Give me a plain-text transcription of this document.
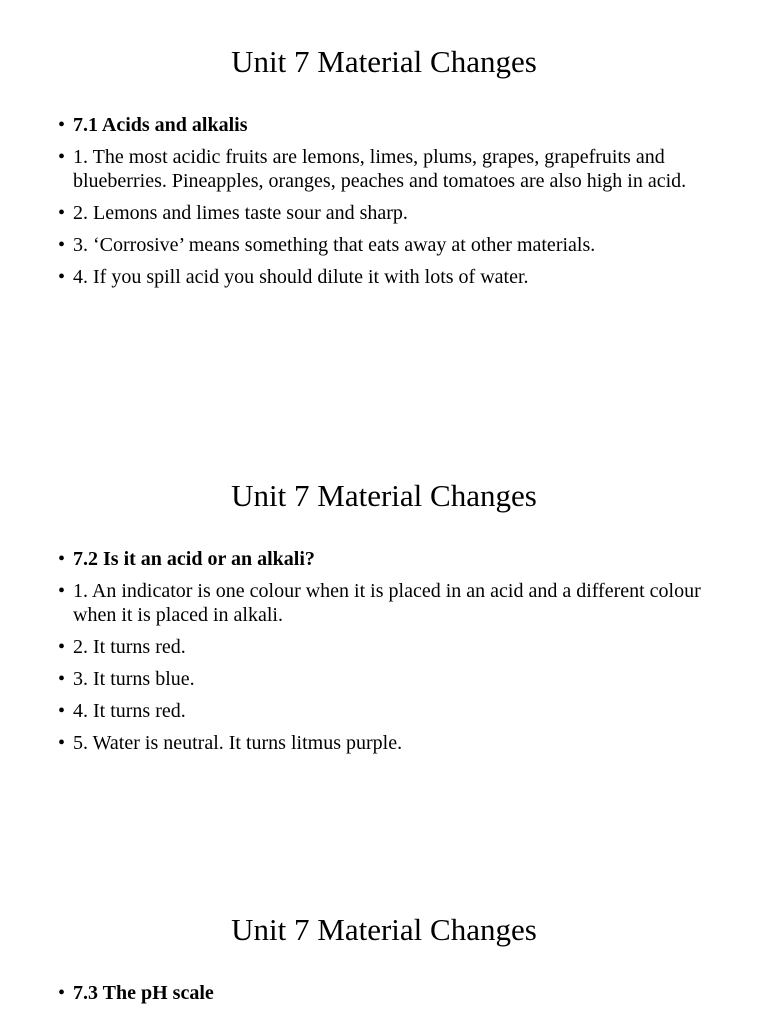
Unit 7 Material Changes
• 7.1 Acids and alkalis
• 1. The most acidic fruits are lemons, limes, plums, grapes, grapefruits and blueberries. Pineapples, oranges, peaches and tomatoes are also high in acid.
• 2. Lemons and limes taste sour and sharp.
• 3. ‘Corrosive’ means something that eats away at other materials.
• 4. If you spill acid you should dilute it with lots of water.
Unit 7 Material Changes
• 7.2 Is it an acid or an alkali?
• 1. An indicator is one colour when it is placed in an acid and a different colour when it is placed in alkali.
• 2. It turns red.
• 3. It turns blue.
• 4. It turns red.
• 5. Water is neutral. It turns litmus purple.
Unit 7 Material Changes
• 7.3 The pH scale
